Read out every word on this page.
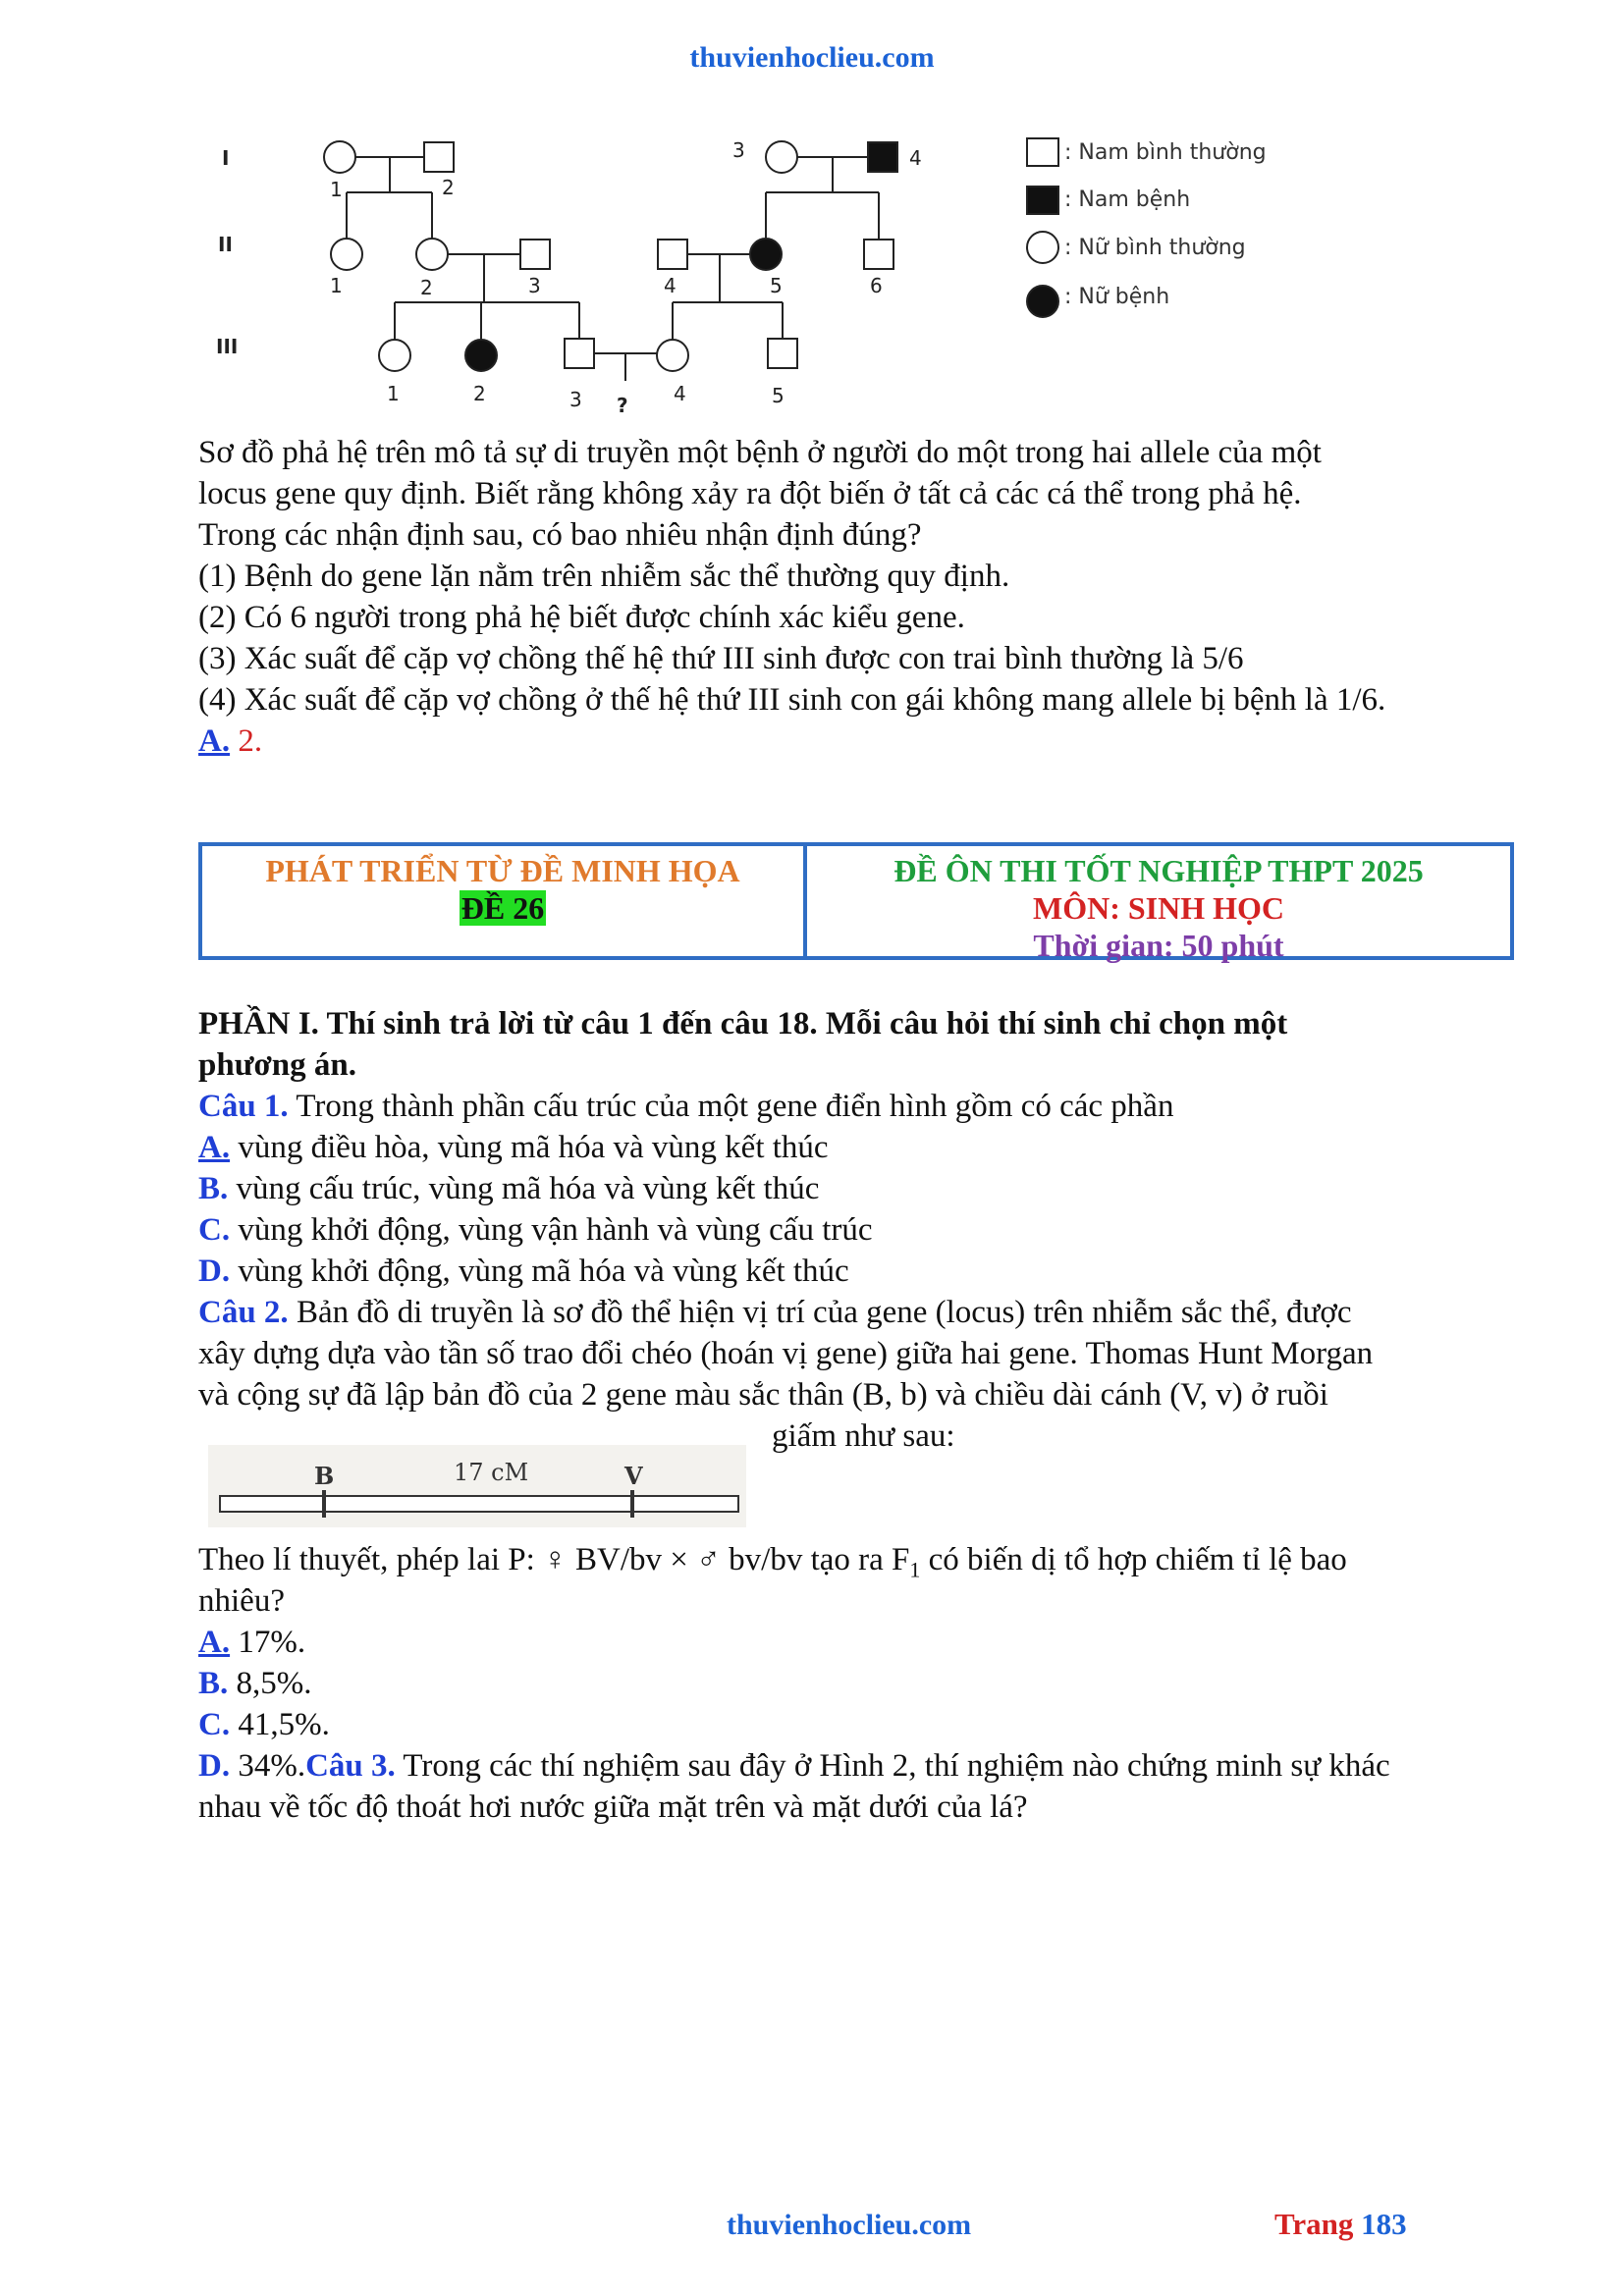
thuvienhoclieu.com
I
II
III
1	2
3	4
1	2	3	4	5	6
1	2	3	4	5
?
: Nam bình thường
: Nam bệnh
: Nữ bình thường
: Nữ bệnh
Sơ đồ phả hệ trên mô tả sự di truyền một bệnh ở người do một trong hai allele của một
locus gene quy định. Biết rằng không xảy ra đột biến ở tất cả các cá thể trong phả hệ.
Trong các nhận định sau, có bao nhiêu nhận định đúng?
(1) Bệnh do gene lặn nằm trên nhiễm sắc thể thường quy định.
(2) Có 6 người trong phả hệ biết được chính xác kiểu gene.
(3) Xác suất để cặp vợ chồng thế hệ thứ III sinh được con trai bình thường là 5/6
(4) Xác suất để cặp vợ chồng ở thế hệ thứ III sinh con gái không mang allele bị bệnh là 1/6.
A. 2.
PHÁT TRIỂN TỪ ĐỀ MINH HỌA
ĐỀ 26
ĐỀ ÔN THI TỐT NGHIỆP THPT 2025
MÔN: SINH HỌC
Thời gian: 50 phút
PHẦN I. Thí sinh trả lời từ câu 1 đến câu 18. Mỗi câu hỏi thí sinh chỉ chọn một
phương án.
Câu 1. Trong thành phần cấu trúc của một gene điển hình gồm có các phần
A. vùng điều hòa, vùng mã hóa và vùng kết thúc
B. vùng cấu trúc, vùng mã hóa và vùng kết thúc
C. vùng khởi động, vùng vận hành và vùng cấu trúc
D. vùng khởi động, vùng mã hóa và vùng kết thúc
Câu 2. Bản đồ di truyền là sơ đồ thể hiện vị trí của gene (locus) trên nhiễm sắc thể, được
xây dựng dựa vào tần số trao đổi chéo (hoán vị gene) giữa hai gene. Thomas Hunt Morgan
và cộng sự đã lập bản đồ của 2 gene màu sắc thân (B, b) và chiều dài cánh (V, v) ở ruồi
giấm như sau:
B	V
17 cM
Theo lí thuyết, phép lai P: ♀ BV/bv × ♂ bv/bv tạo ra $F_1$ có biến dị tổ hợp chiếm tỉ lệ bao
nhiêu?
A. 17%.
B. 8,5%.
C. 41,5%.
D. 34%.Câu 3. Trong các thí nghiệm sau đây ở Hình 2, thí nghiệm nào chứng minh sự khác
nhau về tốc độ thoát hơi nước giữa mặt trên và mặt dưới của lá?
thuvienhoclieu.com	Trang 183
